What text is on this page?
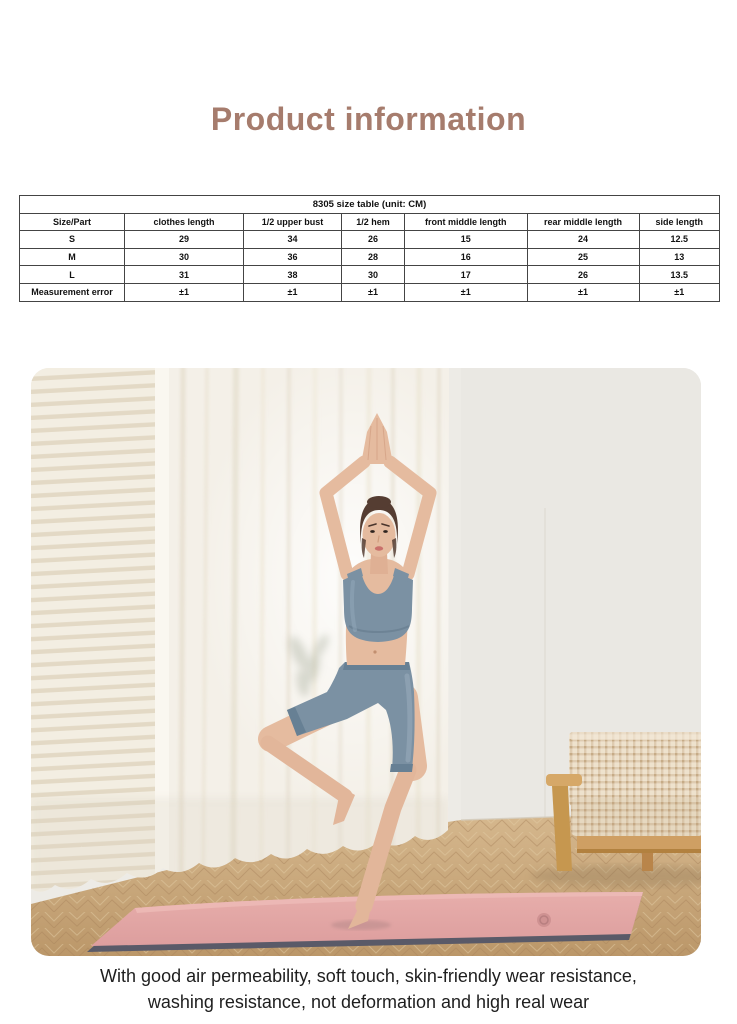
Product information
8305 size table (unit: CM)						
Size/Part	clothes length	1/2 upper bust	1/2 hem	front middle length	rear middle length	side length
S	29	34	26	15	24	12.5
M	30	36	28	16	25	13
L	31	38	30	17	26	13.5
Measurement error	±1	±1	±1	±1	±1	±1
With good air permeability, soft touch, skin-friendly wear resistance,
washing resistance, not deformation and high real wear
